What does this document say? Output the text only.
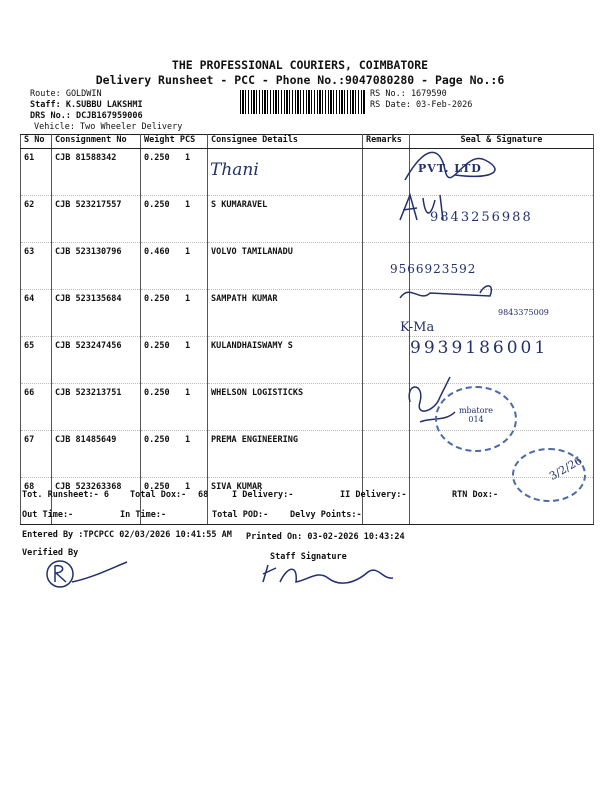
THE PROFESSIONAL COURIERS, COIMBATORE
Delivery Runsheet - PCC - Phone No.:9047080280 - Page No.:6
Route: GOLDWIN
Staff: K.SUBBU LAKSHMI
DRS No.: DCJB167959006
Vehicle: Two Wheeler Delivery
RS No.: 1679590
RS Date: 03-Feb-2026
S No	Consignment No	Weight PCS	Consignee Details	Remarks	Seal & Signature
61	CJB 81588342	0.250 1			
62	CJB 523217557	0.250 1	S KUMARAVEL		
63	CJB 523130796	0.460 1	VOLVO TAMILANADU		
64	CJB 523135684	0.250 1	SAMPATH KUMAR		
65	CJB 523247456	0.250 1	KULANDHAISWAMY S		
66	CJB 523213751	0.250 1	WHELSON LOGISTICKS		
67	CJB 81485649	0.250 1	PREMA ENGINEERING		
68	CJB 523263368	0.250 1	SIVA KUMAR		
Thani	PVT. LTD
9843256988
9566923592
9843375009
K-Ma
9939186001
mbatore 014
3/2/26
Tot. Runsheet:- 6 Total Dox:- 68	I Delivery:-	II Delivery:-	RTN Dox:-
Out Time:-	In Time:-	Total POD:-	Delvy Points:-
Entered By :TPCPCC 02/03/2026 10:41:55 AM Printed On: 03-02-2026 10:43:24
Verified By	Staff Signature
